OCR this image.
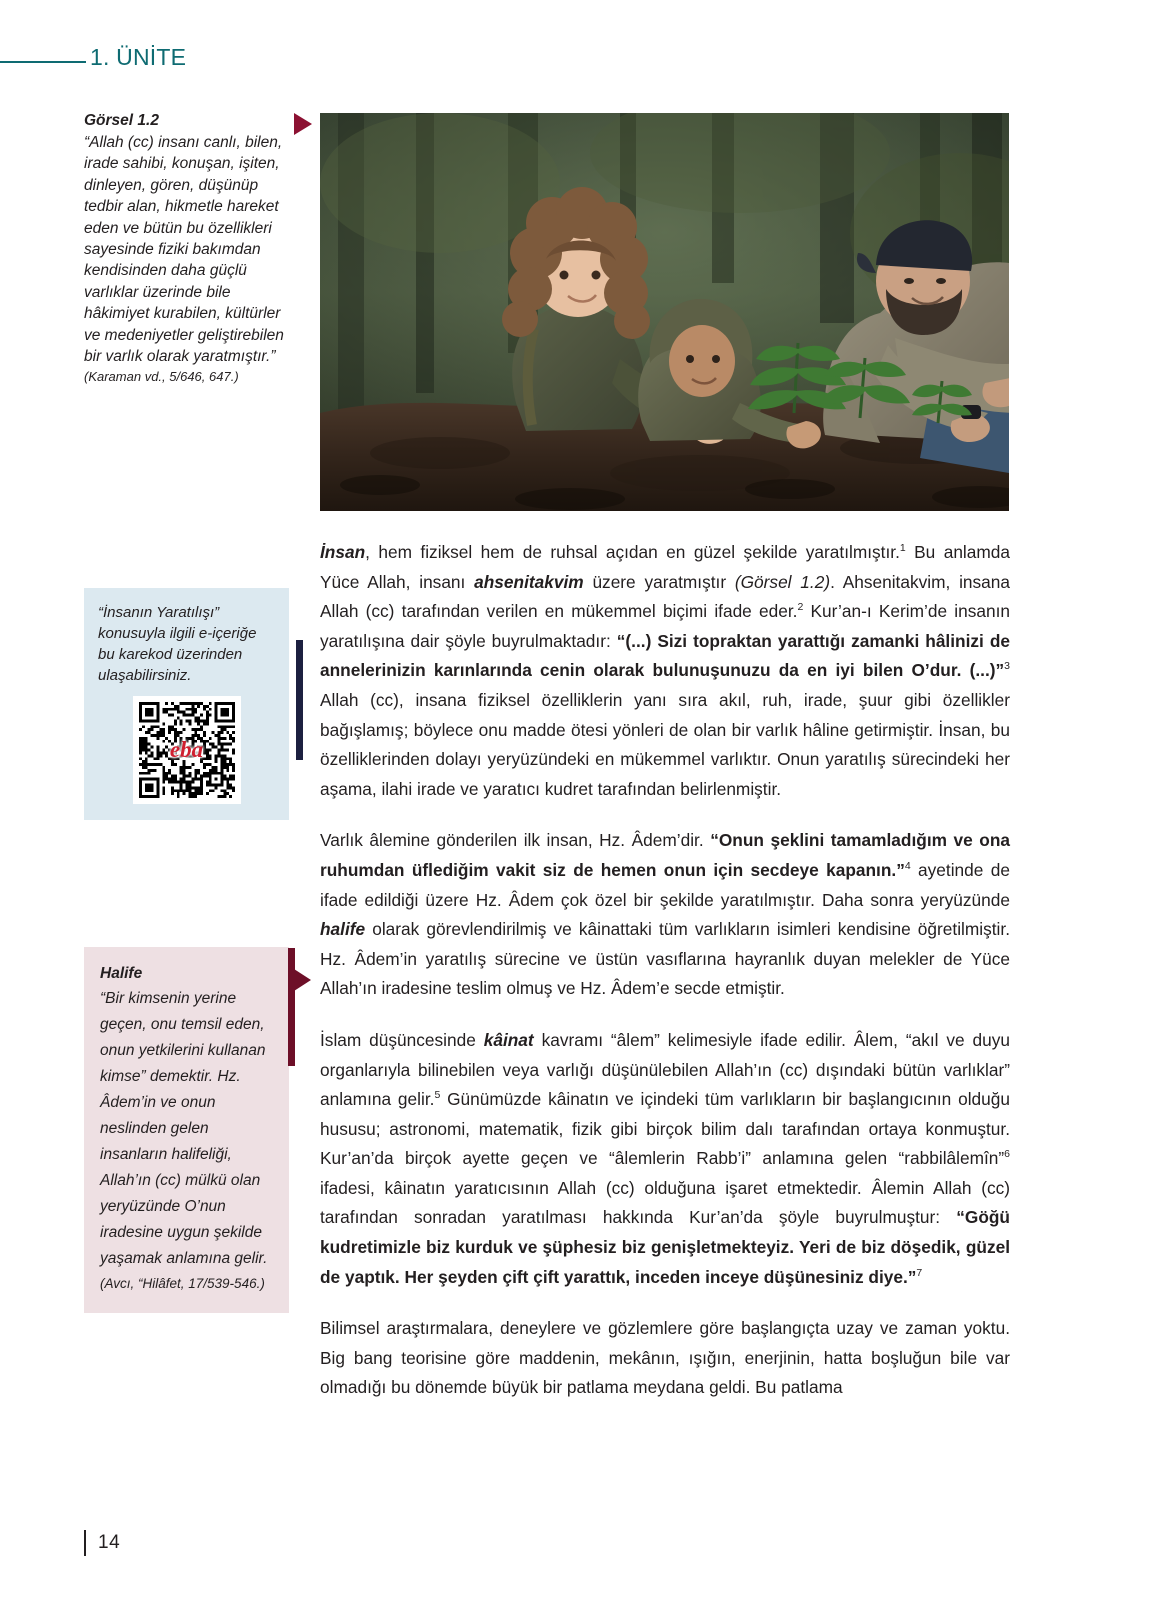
1. ÜNİTE
Görsel 1.2
“Allah (cc) insanı canlı, bilen, irade sahibi, konuşan, işiten, dinleyen, gören, düşünüp tedbir alan, hikmetle hareket eden ve bütün bu özellikleri sayesinde fiziki bakımdan kendisinden daha güçlü varlıklar üzerinde bile hâkimiyet kurabilen, kültürler ve medeniyetler geliştirebilen bir varlık olarak yaratmıştır.”
(Karaman vd., 5/646, 647.)
“İnsanın Yaratılışı” konusuyla ilgili e-içeriğe bu karekod üzerinden ulaşabilirsiniz.
eba
Halife
“Bir kimsenin yerine geçen, onu temsil eden, onun yetkilerini kullanan kimse” demektir. Hz. Âdem’in ve onun neslinden gelen insanların halifeliği, Allah’ın (cc) mülkü olan yeryüzünde O’nun iradesine uygun şekilde yaşamak anlamına gelir.
(Avcı, “Hilâfet, 17/539-546.)

İnsan, hem fiziksel hem de ruhsal açıdan en güzel şekilde yaratılmıştır.$^1$ Bu anlamda Yüce Allah, insanı ahsenitakvim üzere yaratmıştır (Görsel 1.2). Ahsenitakvim, insana Allah (cc) tarafından verilen en mükemmel biçimi ifade eder.$^2$ Kur’an-ı Kerim’de insanın yaratılışına dair şöyle buyrulmaktadır: “(...) Sizi topraktan yarattığı zamanki hâlinizi de annelerinizin karınlarında cenin olarak bulunuşunuzu da en iyi bilen O’dur. (...)”$^3$ Allah (cc), insana fiziksel özelliklerin yanı sıra akıl, ruh, irade, şuur gibi özellikler bağışlamış; böylece onu madde ötesi yönleri de olan bir varlık hâline getirmiştir. İnsan, bu özelliklerinden dolayı yeryüzündeki en mükemmel varlıktır. Onun yaratılış sürecindeki her aşama, ilahi irade ve yaratıcı kudret tarafından belirlenmiştir.

Varlık âlemine gönderilen ilk insan, Hz. Âdem’dir. “Onun şeklini tamamladığım ve ona ruhumdan üflediğim vakit siz de hemen onun için secdeye kapanın.”$^4$ ayetinde de ifade edildiği üzere Hz. Âdem çok özel bir şekilde yaratılmıştır. Daha sonra yeryüzünde halife olarak görevlendirilmiş ve kâinattaki tüm varlıkların isimleri kendisine öğretilmiştir. Hz. Âdem’in yaratılış sürecine ve üstün vasıflarına hayranlık duyan melekler de Yüce Allah’ın iradesine teslim olmuş ve Hz. Âdem’e secde etmiştir.

İslam düşüncesinde kâinat kavramı “âlem” kelimesiyle ifade edilir. Âlem, “akıl ve duyu organlarıyla bilinebilen veya varlığı düşünülebilen Allah’ın (cc) dışındaki bütün varlıklar” anlamına gelir.$^5$ Günümüzde kâinatın ve içindeki tüm varlıkların bir başlangıcının olduğu hususu; astronomi, matematik, fizik gibi birçok bilim dalı tarafından ortaya konmuştur. Kur’an’da birçok ayette geçen ve “âlemlerin Rabb’i” anlamına gelen “rabbilâlemîn”$^6$ ifadesi, kâinatın yaratıcısının Allah (cc) olduğuna işaret etmektedir. Âlemin Allah (cc) tarafından sonradan yaratılması hakkında Kur’an’da şöyle buyrulmuştur: “Göğü kudretimizle biz kurduk ve şüphesiz biz genişletmekteyiz. Yeri de biz döşedik, güzel de yaptık. Her şeyden çift çift yarattık, inceden inceye düşünesiniz diye.”$^7$

Bilimsel araştırmalara, deneylere ve gözlemlere göre başlangıçta uzay ve zaman yoktu. Big bang teorisine göre maddenin, mekânın, ışığın, enerjinin, hatta boşluğun bile var olmadığı bu dönemde büyük bir patlama meydana geldi. Bu patlama

14
